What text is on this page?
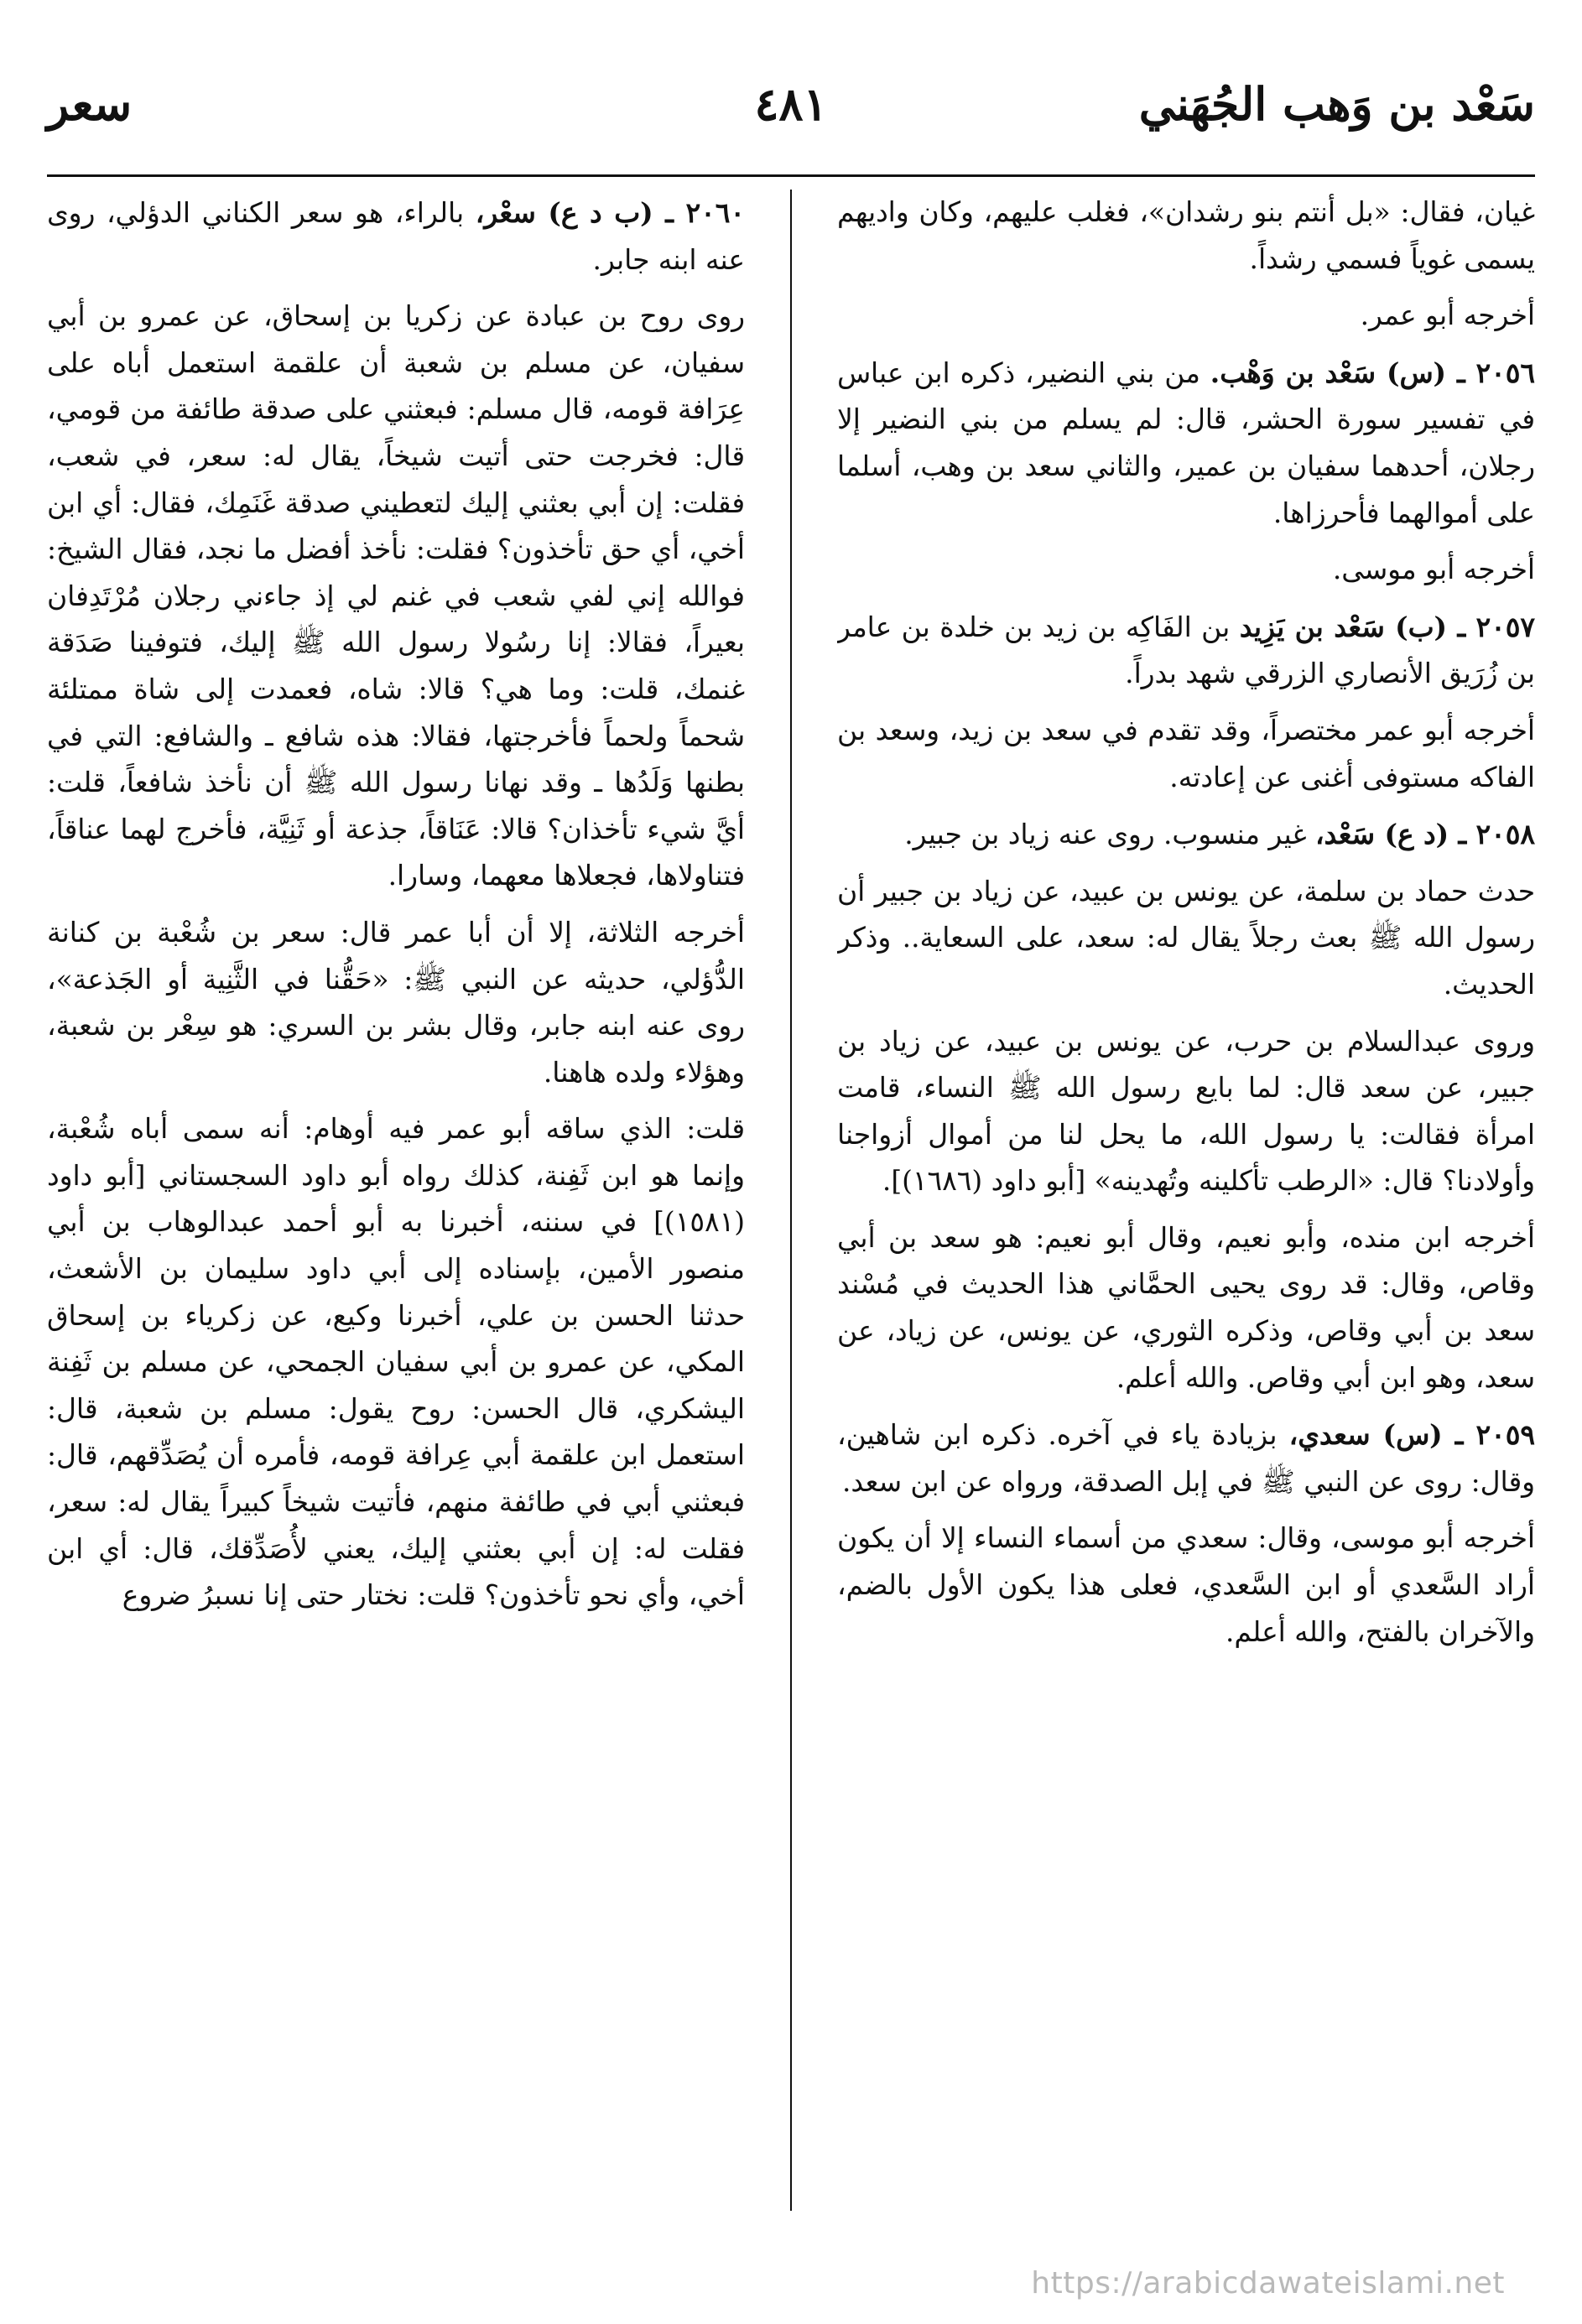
سَعْد بن وَهب الجُهَني
٤٨١
سعر

غيان، فقال: «بل أنتم بنو رشدان»، فغلب عليهم، وكان واديهم يسمى غوياً فسمي رشداً.

أخرجه أبو عمر.

٢٠٥٦ ـ (س) سَعْد بن وَهْب. من بني النضير، ذكره ابن عباس في تفسير سورة الحشر، قال: لم يسلم من بني النضير إلا رجلان، أحدهما سفيان بن عمير، والثاني سعد بن وهب، أسلما على أموالهما فأحرزاها.

أخرجه أبو موسى.

٢٠٥٧ ـ (ب) سَعْد بن يَزِيد بن الفَاكِه بن زيد بن خلدة بن عامر بن زُرَيق الأنصاري الزرقي شهد بدراً.

أخرجه أبو عمر مختصراً، وقد تقدم في سعد بن زيد، وسعد بن الفاكه مستوفى أغنى عن إعادته.

٢٠٥٨ ـ (د ع) سَعْد، غير منسوب. روى عنه زياد بن جبير.

حدث حماد بن سلمة، عن يونس بن عبيد، عن زياد بن جبير أن رسول الله ﷺ بعث رجلاً يقال له: سعد، على السعاية.. وذكر الحديث.

وروى عبدالسلام بن حرب، عن يونس بن عبيد، عن زياد بن جبير، عن سعد قال: لما بايع رسول الله ﷺ النساء، قامت امرأة فقالت: يا رسول الله، ما يحل لنا من أموال أزواجنا وأولادنا؟ قال: «الرطب تأكلينه وتُهدينه» [أبو داود (١٦٨٦)].

أخرجه ابن منده، وأبو نعيم، وقال أبو نعيم: هو سعد بن أبي وقاص، وقال: قد روى يحيى الحمَّاني هذا الحديث في مُسْند سعد بن أبي وقاص، وذكره الثوري، عن يونس، عن زياد، عن سعد، وهو ابن أبي وقاص. والله أعلم.

٢٠٥٩ ـ (س) سعدي، بزيادة ياء في آخره. ذكره ابن شاهين، وقال: روى عن النبي ﷺ في إبل الصدقة، ورواه عن ابن سعد.

أخرجه أبو موسى، وقال: سعدي من أسماء النساء إلا أن يكون أراد السَّعدي أو ابن السَّعدي، فعلى هذا يكون الأول بالضم، والآخران بالفتح، والله أعلم.

٢٠٦٠ ـ (ب د ع) سعْر، بالراء، هو سعر الكناني الدؤلي، روى عنه ابنه جابر.

روى روح بن عبادة عن زكريا بن إسحاق، عن عمرو بن أبي سفيان، عن مسلم بن شعبة أن علقمة استعمل أباه على عِرَافة قومه، قال مسلم: فبعثني على صدقة طائفة من قومي، قال: فخرجت حتى أتيت شيخاً، يقال له: سعر، في شعب، فقلت: إن أبي بعثني إليك لتعطيني صدقة غَنَمِك، فقال: أي ابن أخي، أي حق تأخذون؟ فقلت: نأخذ أفضل ما نجد، فقال الشيخ: فوالله إني لفي شعب في غنم لي إذ جاءني رجلان مُرْتَدِفان بعيراً، فقالا: إنا رسُولا رسول الله ﷺ إليك، فتوفينا صَدَقة غنمك، قلت: وما هي؟ قالا: شاه، فعمدت إلى شاة ممتلئة شحماً ولحماً فأخرجتها، فقالا: هذه شافع ـ والشافع: التي في بطنها وَلَدُها ـ وقد نهانا رسول الله ﷺ أن نأخذ شافعاً، قلت: أيَّ شيء تأخذان؟ قالا: عَنَاقاً، جذعة أو ثَنِيَّة، فأخرج لهما عناقاً، فتناولاها، فجعلاها معهما، وسارا.

أخرجه الثلاثة، إلا أن أبا عمر قال: سعر بن شُعْبة بن كنانة الدُّؤلي، حديثه عن النبي ﷺ: «حَقُّنا في الثَّنِية أو الجَذعة»، روى عنه ابنه جابر، وقال بشر بن السري: هو سِعْر بن شعبة، وهؤلاء ولده هاهنا.

قلت: الذي ساقه أبو عمر فيه أوهام: أنه سمى أباه شُعْبة، وإنما هو ابن ثَفِنة، كذلك رواه أبو داود السجستاني [أبو داود (١٥٨١)] في سننه، أخبرنا به أبو أحمد عبدالوهاب بن أبي منصور الأمين، بإسناده إلى أبي داود سليمان بن الأشعث، حدثنا الحسن بن علي، أخبرنا وكيع، عن زكرياء بن إسحاق المكي، عن عمرو بن أبي سفيان الجمحي، عن مسلم بن ثَفِنة اليشكري، قال الحسن: روح يقول: مسلم بن شعبة، قال: استعمل ابن علقمة أبي عِرافة قومه، فأمره أن يُصَدِّقهم، قال: فبعثني أبي في طائفة منهم، فأتيت شيخاً كبيراً يقال له: سعر، فقلت له: إن أبي بعثني إليك، يعني لأُصَدِّقك، قال: أي ابن أخي، وأي نحو تأخذون؟ قلت: نختار حتى إنا نسبرُ ضروع

https://arabicdawateislami.net
